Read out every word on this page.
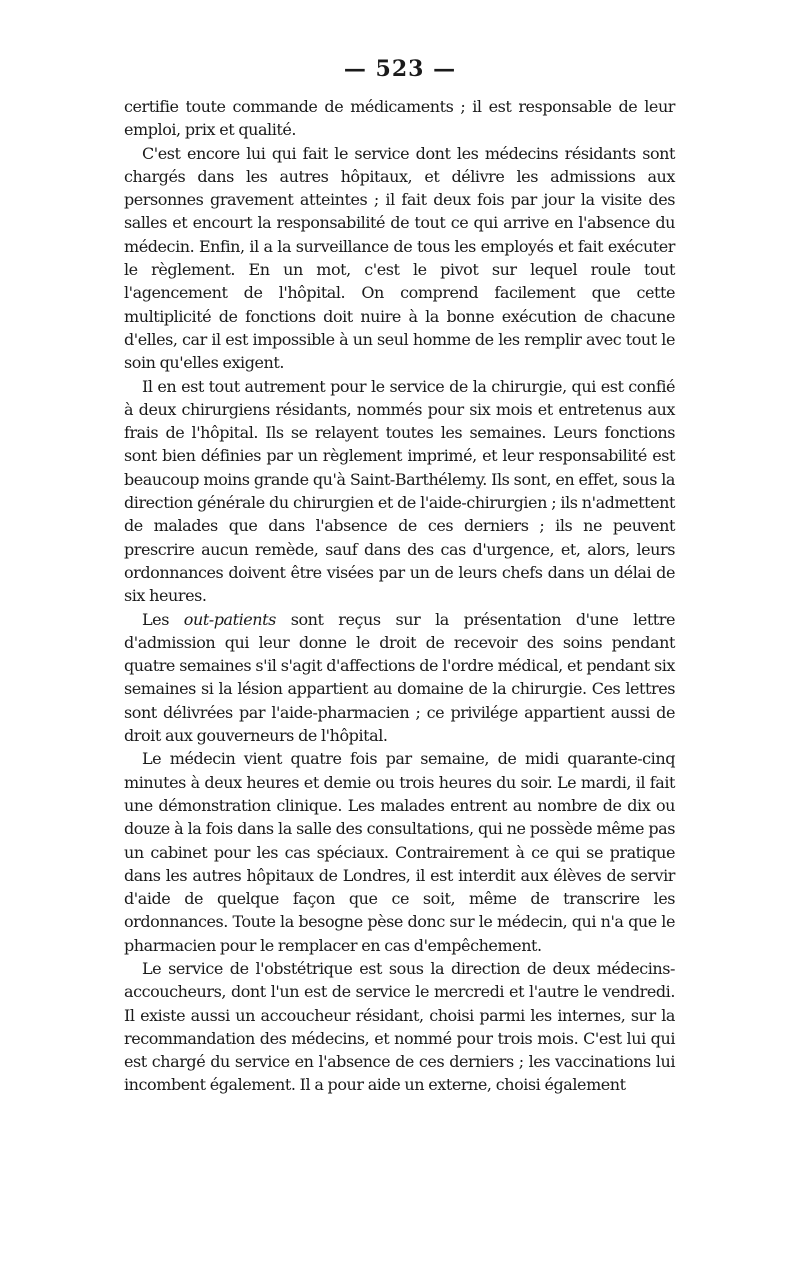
— 523 —

certifie toute commande de médicaments ; il est responsable de leur emploi, prix et qualité.

C'est encore lui qui fait le service dont les médecins résidants sont chargés dans les autres hôpitaux, et délivre les admissions aux personnes gravement atteintes ; il fait deux fois par jour la visite des salles et encourt la responsabilité de tout ce qui arrive en l'absence du médecin. Enfin, il a la surveillance de tous les employés et fait exécuter le règlement. En un mot, c'est le pivot sur lequel roule tout l'agencement de l'hôpital. On comprend facilement que cette multiplicité de fonctions doit nuire à la bonne exécution de chacune d'elles, car il est impossible à un seul homme de les remplir avec tout le soin qu'elles exigent.

Il en est tout autrement pour le service de la chirurgie, qui est confié à deux chirurgiens résidants, nommés pour six mois et entretenus aux frais de l'hôpital. Ils se relayent toutes les semaines. Leurs fonctions sont bien définies par un règlement imprimé, et leur responsabilité est beaucoup moins grande qu'à Saint-Barthélemy. Ils sont, en effet, sous la direction générale du chirurgien et de l'aide-chirurgien ; ils n'admettent de malades que dans l'absence de ces derniers ; ils ne peuvent prescrire aucun remède, sauf dans des cas d'urgence, et, alors, leurs ordonnances doivent être visées par un de leurs chefs dans un délai de six heures.

Les out-patients sont reçus sur la présentation d'une lettre d'admission qui leur donne le droit de recevoir des soins pendant quatre semaines s'il s'agit d'affections de l'ordre médical, et pendant six semaines si la lésion appartient au domaine de la chirurgie. Ces lettres sont délivrées par l'aide-pharmacien ; ce privilége appartient aussi de droit aux gouverneurs de l'hôpital.

Le médecin vient quatre fois par semaine, de midi quarante-cinq minutes à deux heures et demie ou trois heures du soir. Le mardi, il fait une démonstration clinique. Les malades entrent au nombre de dix ou douze à la fois dans la salle des consultations, qui ne possède même pas un cabinet pour les cas spéciaux. Contrairement à ce qui se pratique dans les autres hôpitaux de Londres, il est interdit aux élèves de servir d'aide de quelque façon que ce soit, même de transcrire les ordonnances. Toute la besogne pèse donc sur le médecin, qui n'a que le pharmacien pour le remplacer en cas d'empêchement.

Le service de l'obstétrique est sous la direction de deux médecins-accoucheurs, dont l'un est de service le mercredi et l'autre le vendredi. Il existe aussi un accoucheur résidant, choisi parmi les internes, sur la recommandation des médecins, et nommé pour trois mois. C'est lui qui est chargé du service en l'absence de ces derniers ; les vaccinations lui incombent également. Il a pour aide un externe, choisi également
